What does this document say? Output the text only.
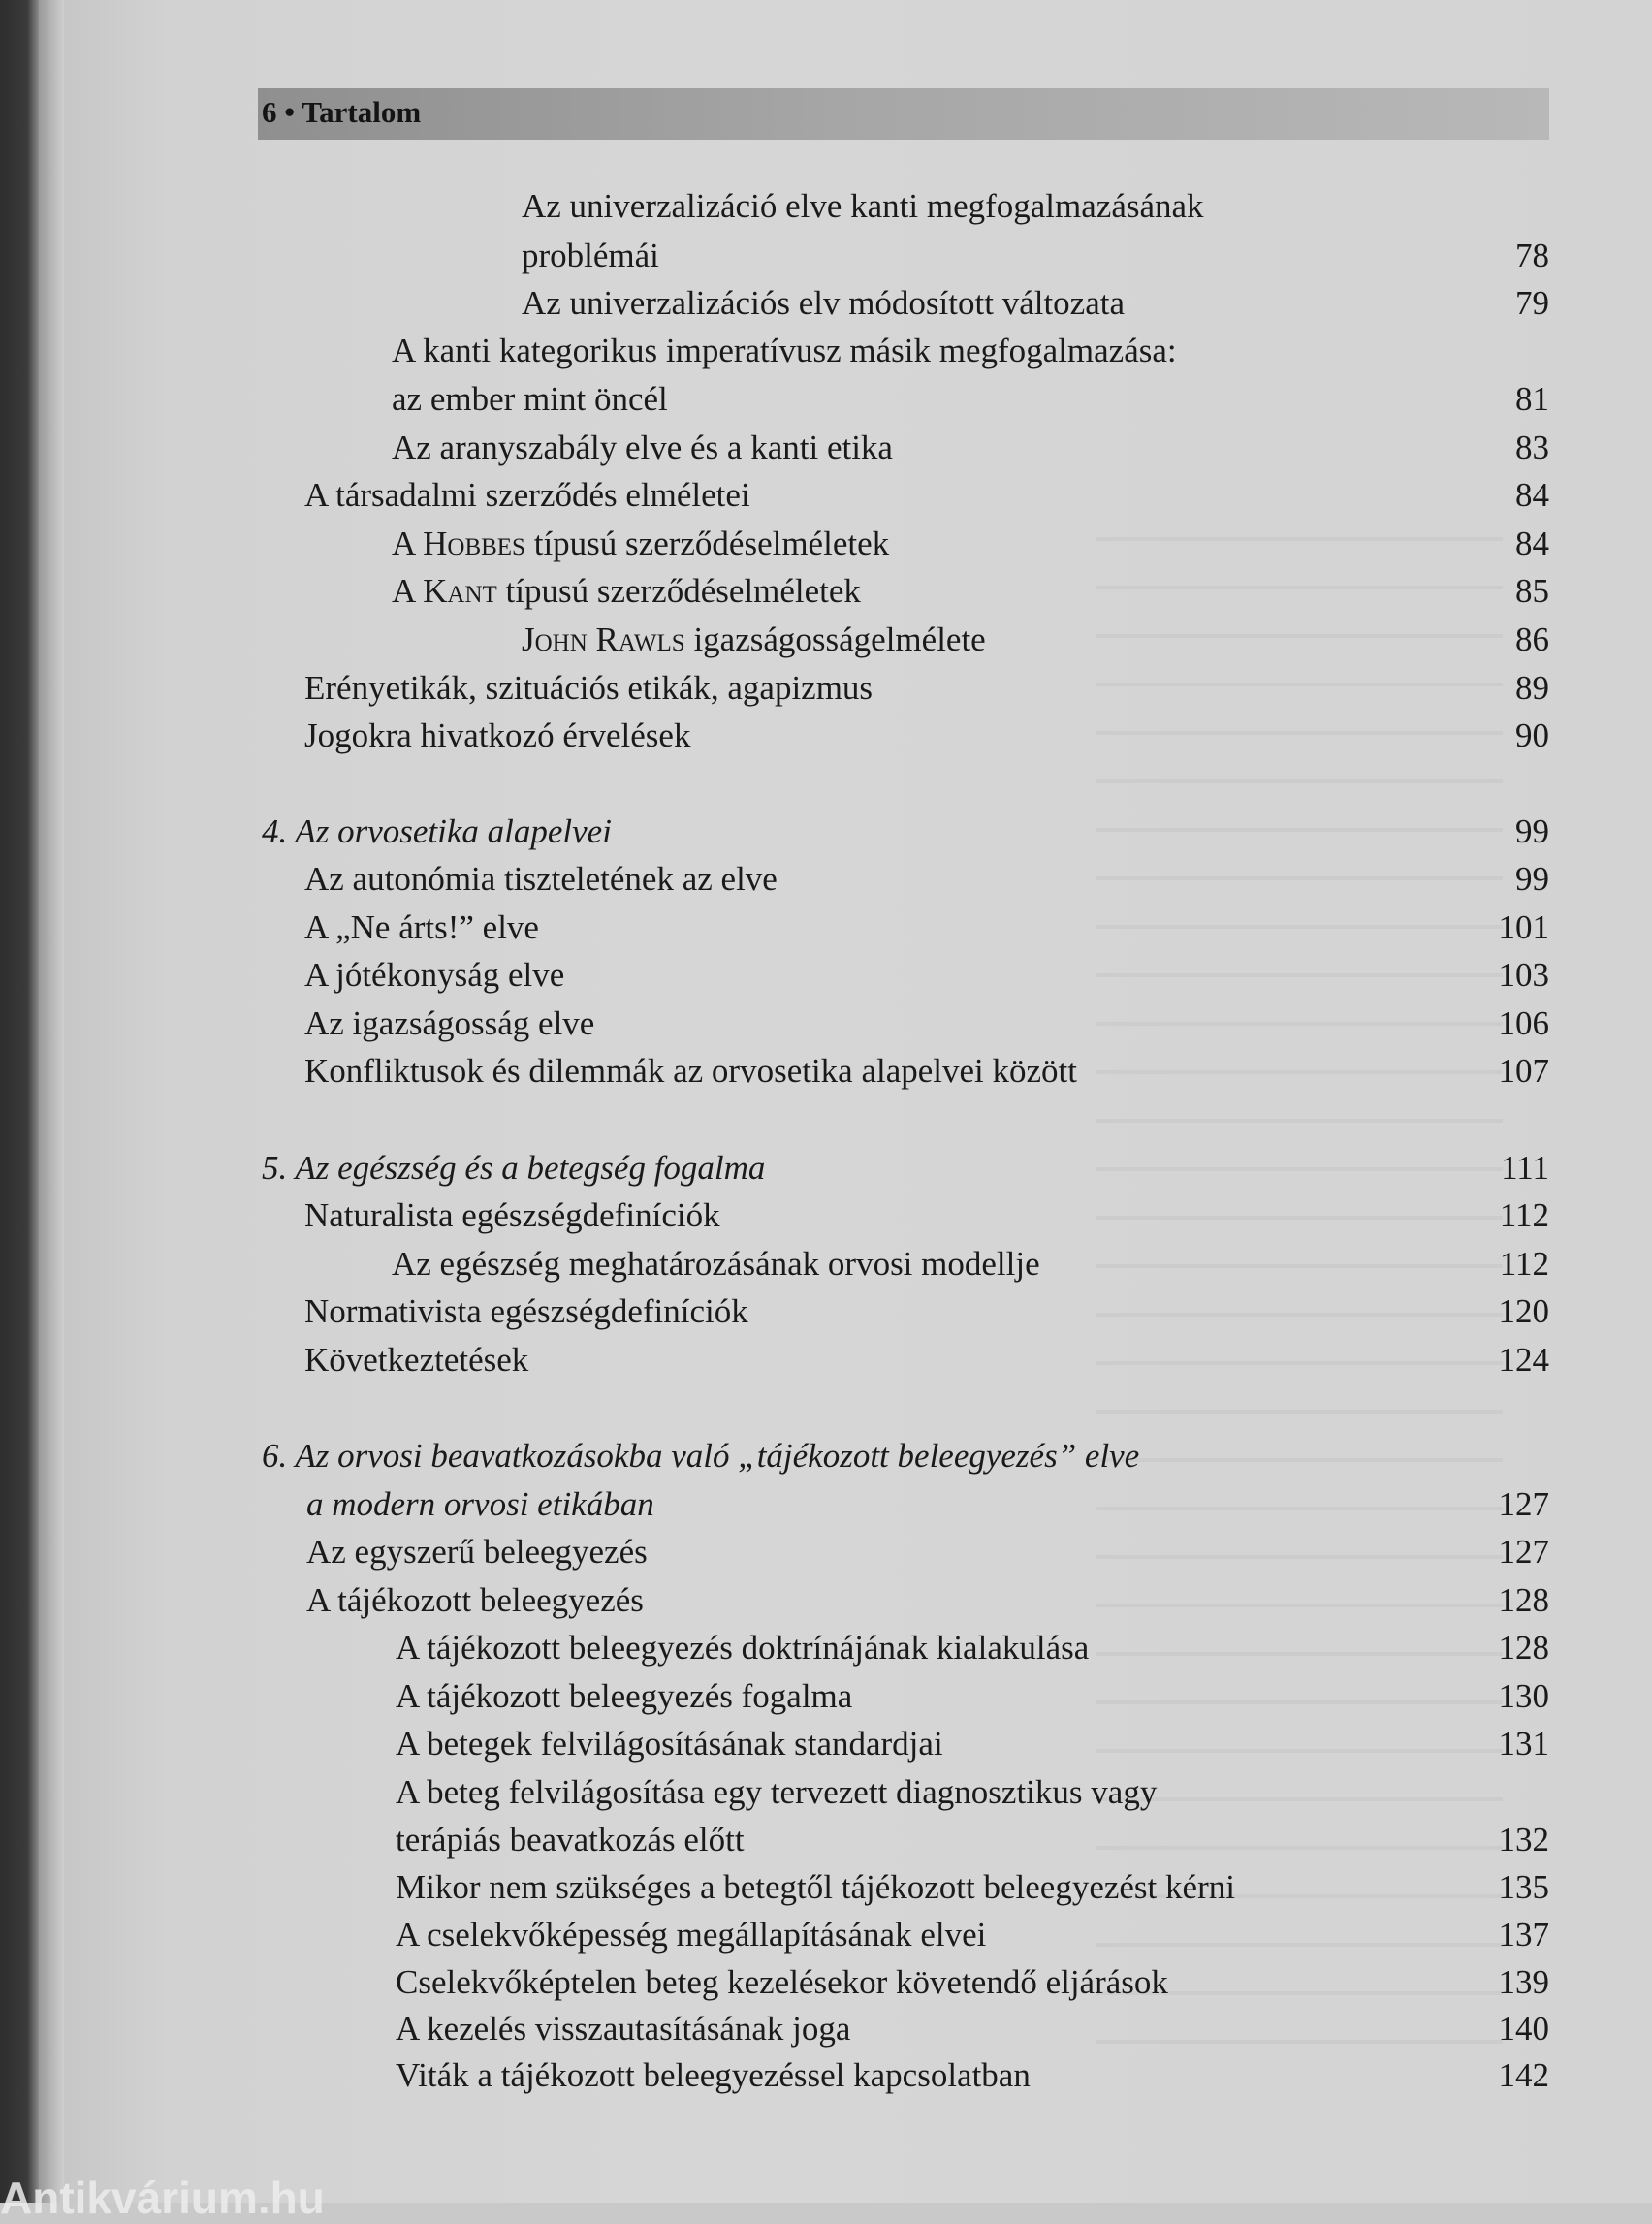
6 • Tartalom
Az univerzalizáció elve kanti megfogalmazásának
problémái	78
Az univerzalizációs elv módosított változata	79
A kanti kategorikus imperatívusz másik megfogalmazása:
az ember mint öncél	81
Az aranyszabály elve és a kanti etika	83
A társadalmi szerződés elméletei	84
A Hobbes típusú szerződéselméletek	84
A Kant típusú szerződéselméletek	85
John Rawls igazságosságelmélete	86
Erényetikák, szituációs etikák, agapizmus	89
Jogokra hivatkozó érvelések	90
4. Az orvosetika alapelvei	99
Az autonómia tiszteletének az elve	99
A „Ne árts!” elve	101
A jótékonyság elve	103
Az igazságosság elve	106
Konfliktusok és dilemmák az orvosetika alapelvei között	107
5. Az egészség és a betegség fogalma	111
Naturalista egészségdefiníciók	112
Az egészség meghatározásának orvosi modellje	112
Normativista egészségdefiníciók	120
Következtetések	124
6. Az orvosi beavatkozásokba való „tájékozott beleegyezés” elve
a modern orvosi etikában	127
Az egyszerű beleegyezés	127
A tájékozott beleegyezés	128
A tájékozott beleegyezés doktrínájának kialakulása	128
A tájékozott beleegyezés fogalma	130
A betegek felvilágosításának standardjai	131
A beteg felvilágosítása egy tervezett diagnosztikus vagy
terápiás beavatkozás előtt	132
Mikor nem szükséges a betegtől tájékozott beleegyezést kérni	135
A cselekvőképesség megállapításának elvei	137
Cselekvőképtelen beteg kezelésekor követendő eljárások	139
A kezelés visszautasításának joga	140
Viták a tájékozott beleegyezéssel kapcsolatban	142
Antikvárium.hu
